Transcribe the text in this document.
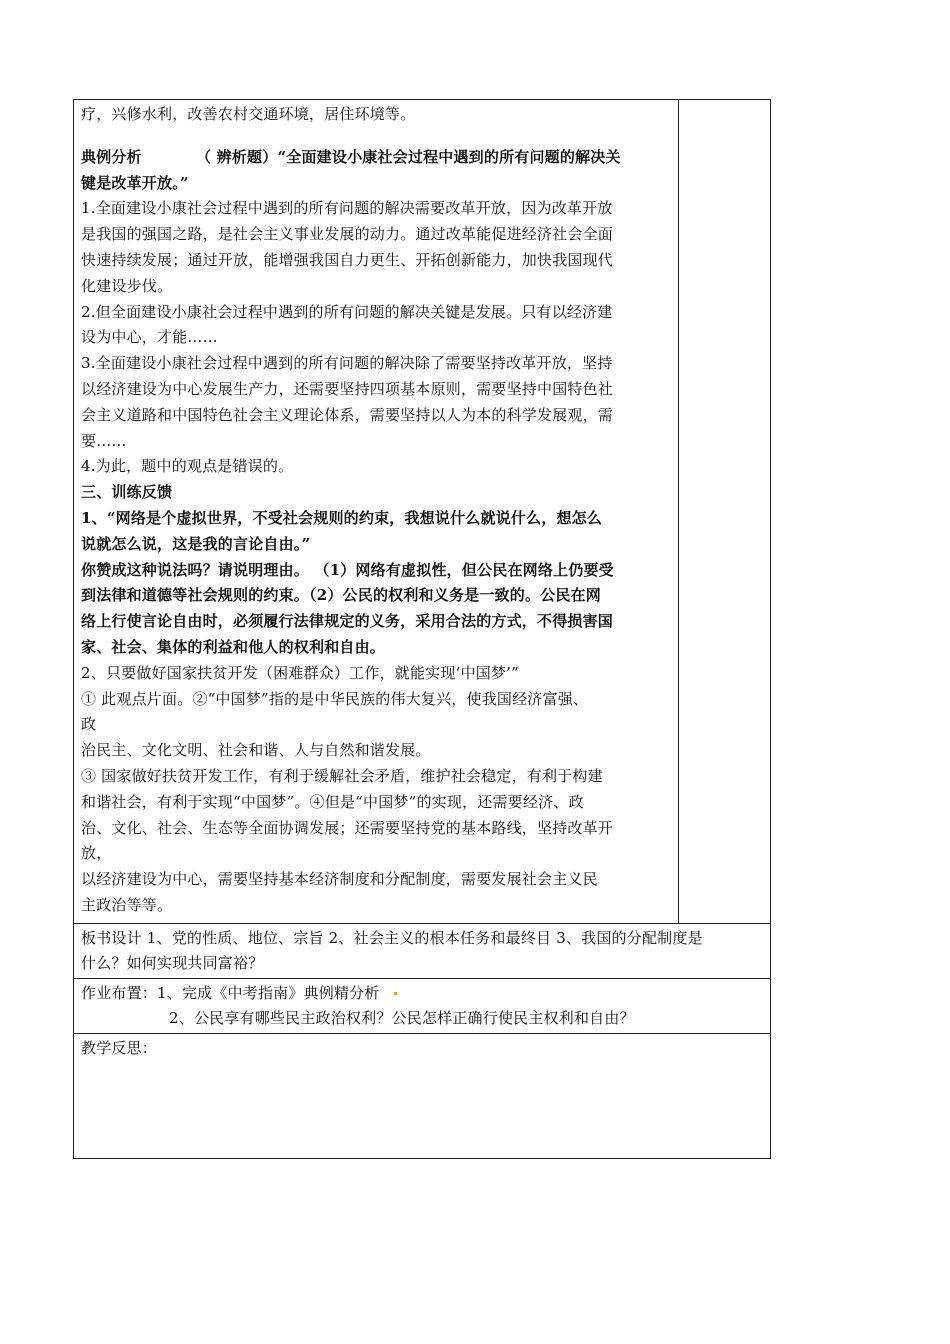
疗，兴修水利，改善农村交通环境，居住环境等。

典例分析          （ 辨析题）“全面建设小康社会过程中遇到的所有问题的解决关

键是改革开放。”

1.全面建设小康社会过程中遇到的所有问题的解决需要改革开放，因为改革开放

是我国的强国之路，是社会主义事业发展的动力。通过改革能促进经济社会全面

快速持续发展；通过开放，能增强我国自力更生、开拓创新能力，加快我国现代

化建设步伐。

2.但全面建设小康社会过程中遇到的所有问题的解决关键是发展。只有以经济建

设为中心，才能……

3.全面建设小康社会过程中遇到的所有问题的解决除了需要坚持改革开放，坚持

以经济建设为中心发展生产力，还需要坚持四项基本原则，需要坚持中国特色社

会主义道路和中国特色社会主义理论体系，需要坚持以人为本的科学发展观，需

要……

4.为此，题中的观点是错误的。

三、训练反馈

1、“网络是个虚拟世界，不受社会规则的约束，我想说什么就说什么，想怎么

说就怎么说，这是我的言论自由。”

你赞成这种说法吗？请说明理由。 （1）网络有虚拟性，但公民在网络上仍要受

到法律和道德等社会规则的约束。（2）公民的权利和义务是一致的。公民在网

络上行使言论自由时，必须履行法律规定的义务，采用合法的方式，不得损害国

家、社会、集体的利益和他人的权利和自由。

2、只要做好国家扶贫开发（困难群众）工作，就能实现‘中国梦’”

① 此观点片面。②“中国梦”指的是中华民族的伟大复兴，使我国经济富强、

政

治民主、文化文明、社会和谐、人与自然和谐发展。

③ 国家做好扶贫开发工作，有利于缓解社会矛盾，维护社会稳定，有利于构建

和谐社会，有利于实现“中国梦”。④但是“中国梦”的实现，还需要经济、政

治、文化、社会、生态等全面协调发展；还需要坚持党的基本路线，坚持改革开

放，

以经济建设为中心，需要坚持基本经济制度和分配制度，需要发展社会主义民

主政治等等。

板书设计 1、党的性质、地位、宗旨 2、社会主义的根本任务和最终目 3、我国的分配制度是

什么？如何实现共同富裕？

作业布置：1、完成《中考指南》典例精分析

2、公民享有哪些民主政治权利？公民怎样正确行使民主权利和自由？

教学反思：
